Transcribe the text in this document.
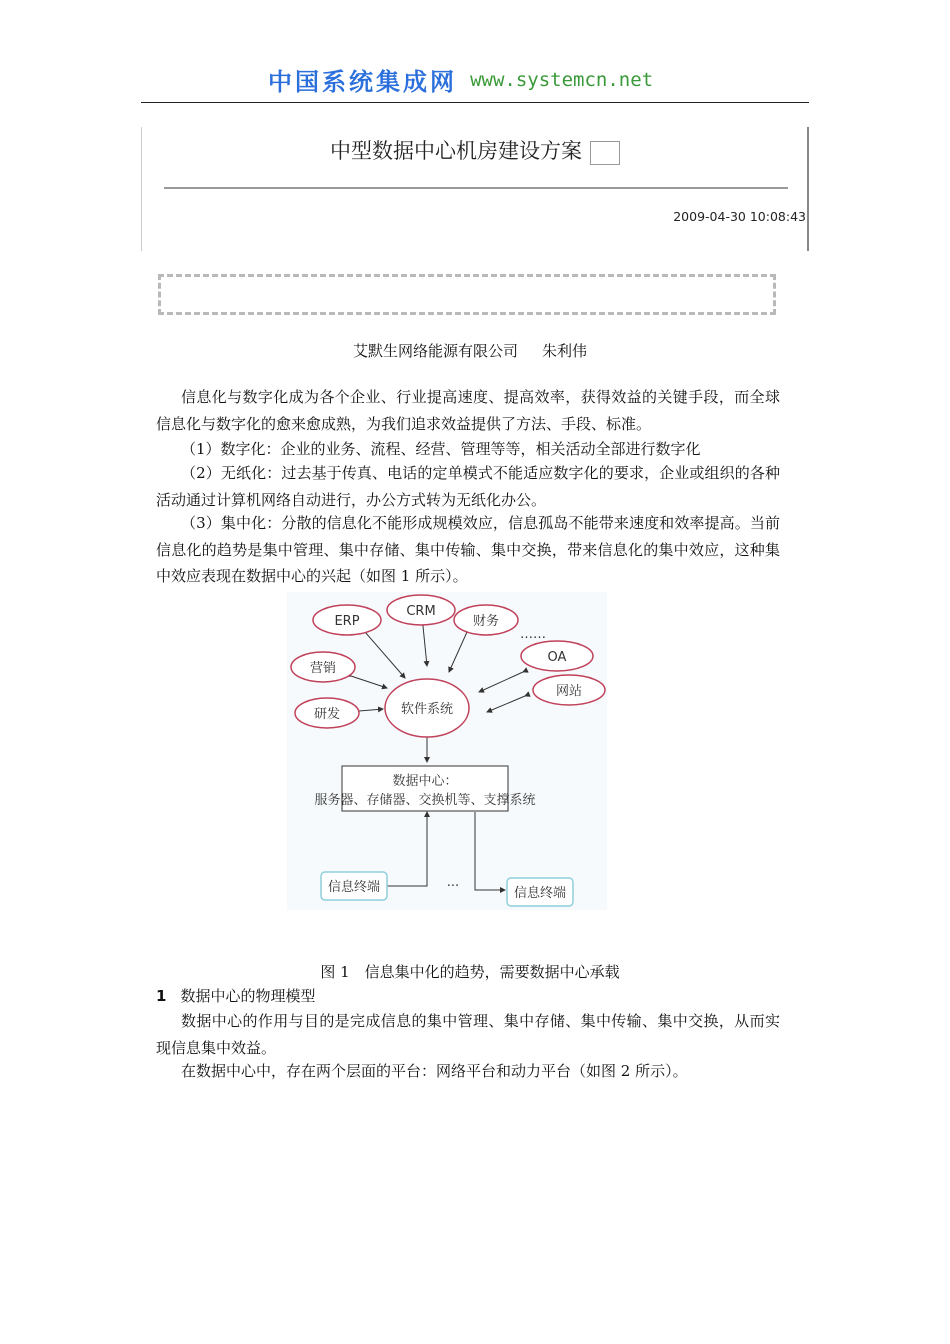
中国系统集成网 www.systemcn.net
中型数据中心机房建设方案
2009-04-30 10:08:43
艾默生网络能源有限公司 朱利伟
信息化与数字化成为各个企业、行业提高速度、提高效率，获得效益的关键手段，而全球信息化与数字化的愈来愈成熟，为我们追求效益提供了方法、手段、标准。
（1）数字化：企业的业务、流程、经营、管理等等，相关活动全部进行数字化
（2）无纸化：过去基于传真、电话的定单模式不能适应数字化的要求，企业或组织的各种活动通过计算机网络自动进行，办公方式转为无纸化办公。
（3）集中化：分散的信息化不能形成规模效应，信息孤岛不能带来速度和效率提高。当前信息化的趋势是集中管理、集中存储、集中传输、集中交换，带来信息化的集中效应，这种集中效应表现在数据中心的兴起（如图 1 所示）。
ERP
CRM
财务
……
OA
网站
营销
研发	软件系统
数据中心：
服务器、存储器、交换机等、支撑系统
信息终端	信息终端
···
图 1　信息集中化的趋势，需要数据中心承载
1 数据中心的物理模型
数据中心的作用与目的是完成信息的集中管理、集中存储、集中传输、集中交换，从而实现信息集中效益。
在数据中心中，存在两个层面的平台：网络平台和动力平台（如图 2 所示）。
